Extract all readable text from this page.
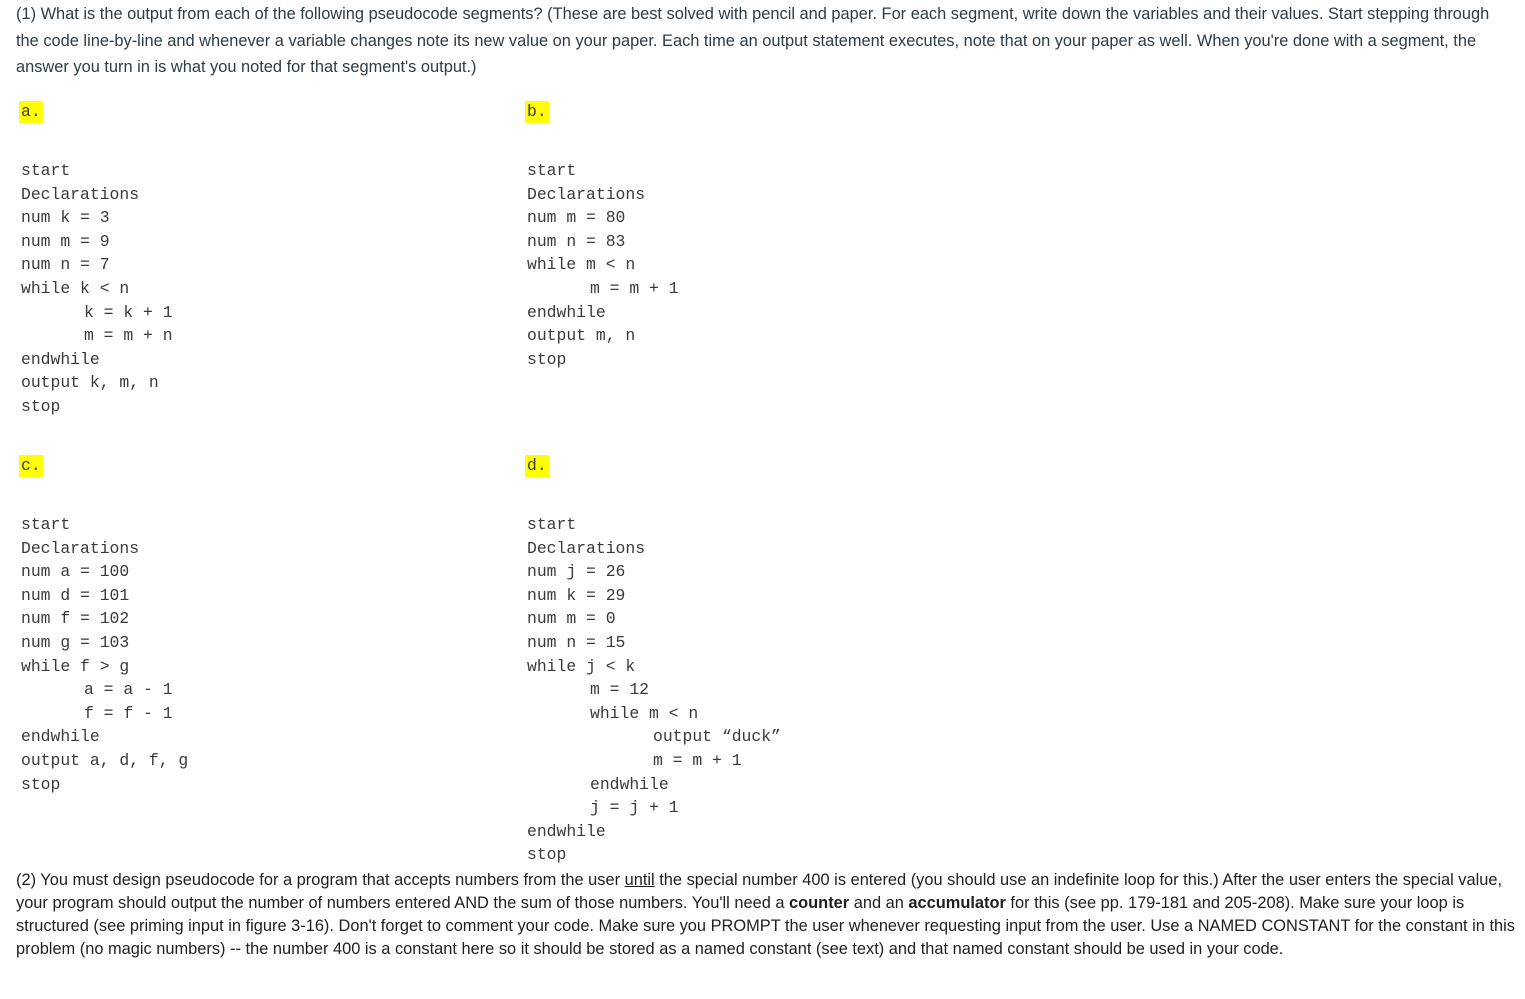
(1) What is the output from each of the following pseudocode segments? (These are best solved with pencil and paper. For each segment, write down the variables and their values. Start stepping through the code line-by-line and whenever a variable changes note its new value on your paper. Each time an output statement executes, note that on your paper as well. When you're done with a segment, the answer you turn in is what you noted for that segment's output.)

a.
start
Declarations
num k = 3
num m = 9
num n = 7
while k < n
k = k + 1
m = m + n
endwhile
output k, m, n
stop
b.
start
Declarations
num m = 80
num n = 83
while m < n
m = m + 1
endwhile
output m, n
stop
c.
start
Declarations
num a = 100
num d = 101
num f = 102
num g = 103
while f > g
a = a - 1
f = f - 1
endwhile
output a, d, f, g
stop
d.
start
Declarations
num j = 26
num k = 29
num m = 0
num n = 15
while j < k
m = 12
while m < n
output “duck”
m = m + 1
endwhile
j = j + 1
endwhile
stop

(2) You must design pseudocode for a program that accepts numbers from the user until the special number 400 is entered (you should use an indefinite loop for this.) After the user enters the special value, your program should output the number of numbers entered AND the sum of those numbers. You'll need a counter and an accumulator for this (see pp. 179-181 and 205-208). Make sure your loop is structured (see priming input in figure 3-16). Don't forget to comment your code. Make sure you PROMPT the user whenever requesting input from the user. Use a NAMED CONSTANT for the constant in this problem (no magic numbers) -- the number 400 is a constant here so it should be stored as a named constant (see text) and that named constant should be used in your code.
